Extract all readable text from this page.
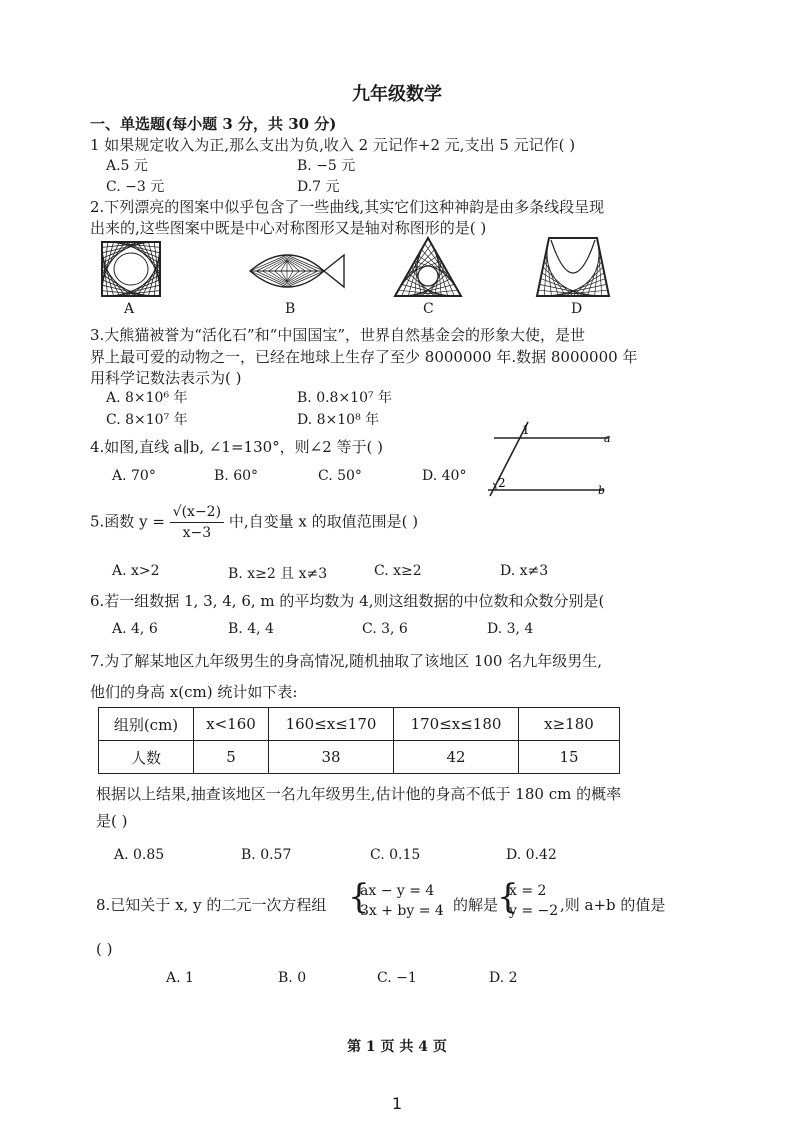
九年级数学
一、单选题(每小题 3 分，共 30 分)
1 如果规定收入为正,那么支出为负,收入 2 元记作+2 元,支出 5 元记作( )
A.5 元	B. −5 元
C. −3 元	D.7 元
2.下列漂亮的图案中似乎包含了一些曲线,其实它们这种神韵是由多条线段呈现
出来的,这些图案中既是中心对称图形又是轴对称图形的是( )
A	B	C	D
3.大熊猫被誉为“活化石”和“中国国宝”，世界自然基金会的形象大使，是世
界上最可爱的动物之一，已经在地球上生存了至少 8000000 年.数据 8000000 年
用科学记数法表示为( )
A. 8×10⁶ 年	B. 0.8×10⁷ 年
C. 8×10⁷ 年	D. 8×10⁸ 年
4.如图,直线 a∥b, ∠1=130°，则∠2 等于( )
A. 70°	B. 60°	C. 50°	D. 40°
1
2
a
b
5.函数 $y = \frac{√(x-2)}{x-3}$ 中,自变量 x 的取值范围是( )
A. x>2	B. x≥2 且 x≠3	C. x≥2	D. x≠3
6.若一组数据 1, 3, 4, 6, m 的平均数为 4,则这组数据的中位数和众数分别是(
A. 4, 6	B. 4, 4	C. 3, 6	D. 3, 4
7.为了解某地区九年级男生的身高情况,随机抽取了该地区 100 名九年级男生,
他们的身高 x(cm) 统计如下表:
组别(cm)	x<160	160≤x≤170	170≤x≤180	x≥180
人数	5	38	42	15
根据以上结果,抽查该地区一名九年级男生,估计他的身高不低于 180 cm 的概率
是( )
A. 0.85	B. 0.57	C. 0.15	D. 0.42
8.已知关于 x, y 的二元一次方程组 {
ax − y = 4
3x + by = 4
，的解是
{
x = 2
y = −2 ,则 a+b 的值是
( )
A. 1	B. 0	C. −1	D. 2
第 1 页 共 4 页
1
